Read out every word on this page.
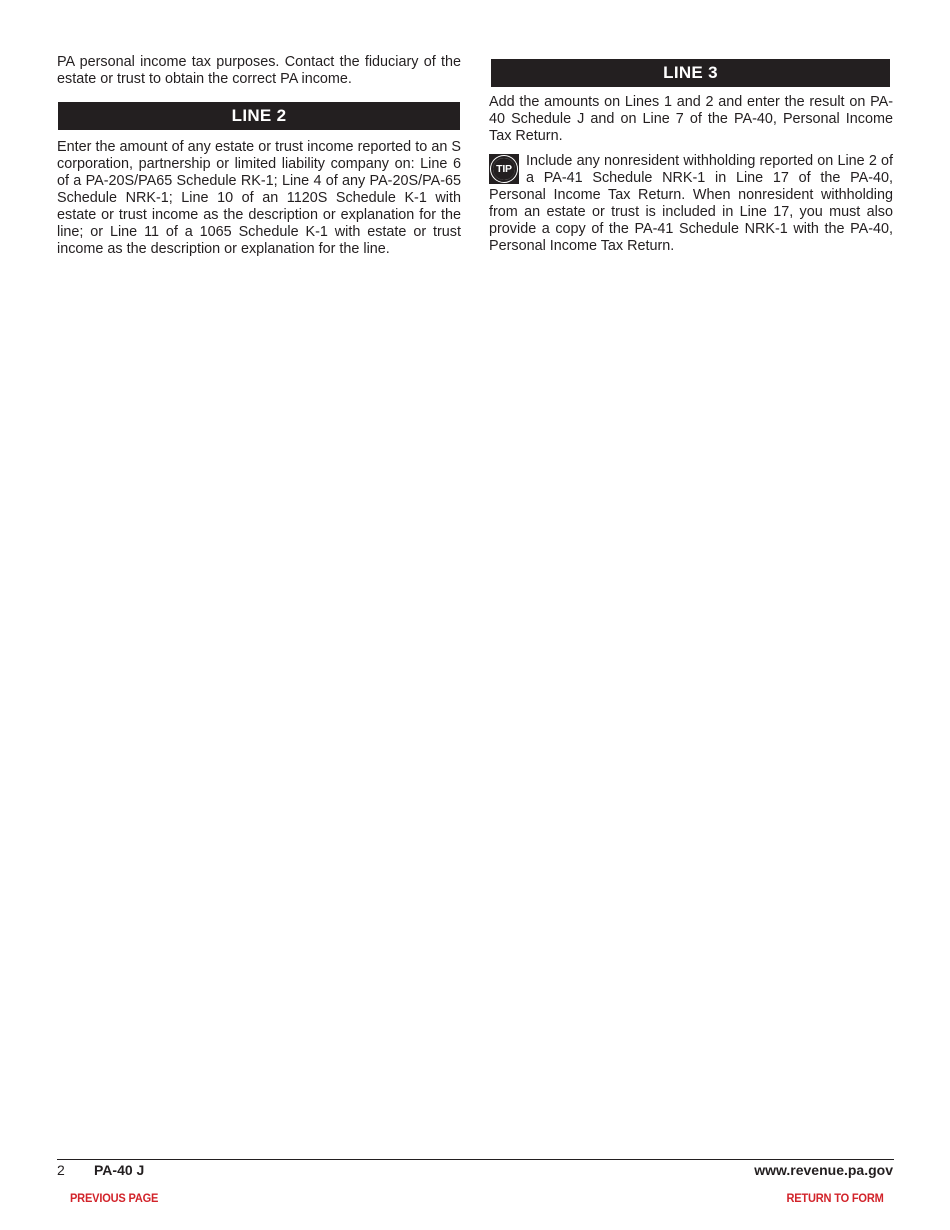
PA personal income tax purposes. Contact the fiduciary of the estate or trust to obtain the correct PA income.

LINE 2

Enter the amount of any estate or trust income reported to an S corporation, partnership or limited liability company on: Line 6 of a PA-20S/PA65 Schedule RK-1; Line 4 of any PA-20S/PA-65 Schedule NRK-1; Line 10 of an 1120S Schedule K-1 with estate or trust income as the description or explanation for the line; or Line 11 of a 1065 Schedule K-1 with estate or trust income as the description or explanation for the line.

LINE 3

Add the amounts on Lines 1 and 2 and enter the result on PA-40 Schedule J and on Line 7 of the PA-40, Personal Income Tax Return.

TIP Include any nonresident withholding reported on Line 2 of a PA-41 Schedule NRK-1 in Line 17 of the PA-40, Personal Income Tax Return. When nonresident withholding from an estate or trust is included in Line 17, you must also provide a copy of the PA-41 Schedule NRK-1 with the PA-40, Personal Income Tax Return.

2 PA-40 J	www.revenue.pa.gov
PREVIOUS PAGE	RETURN TO FORM
